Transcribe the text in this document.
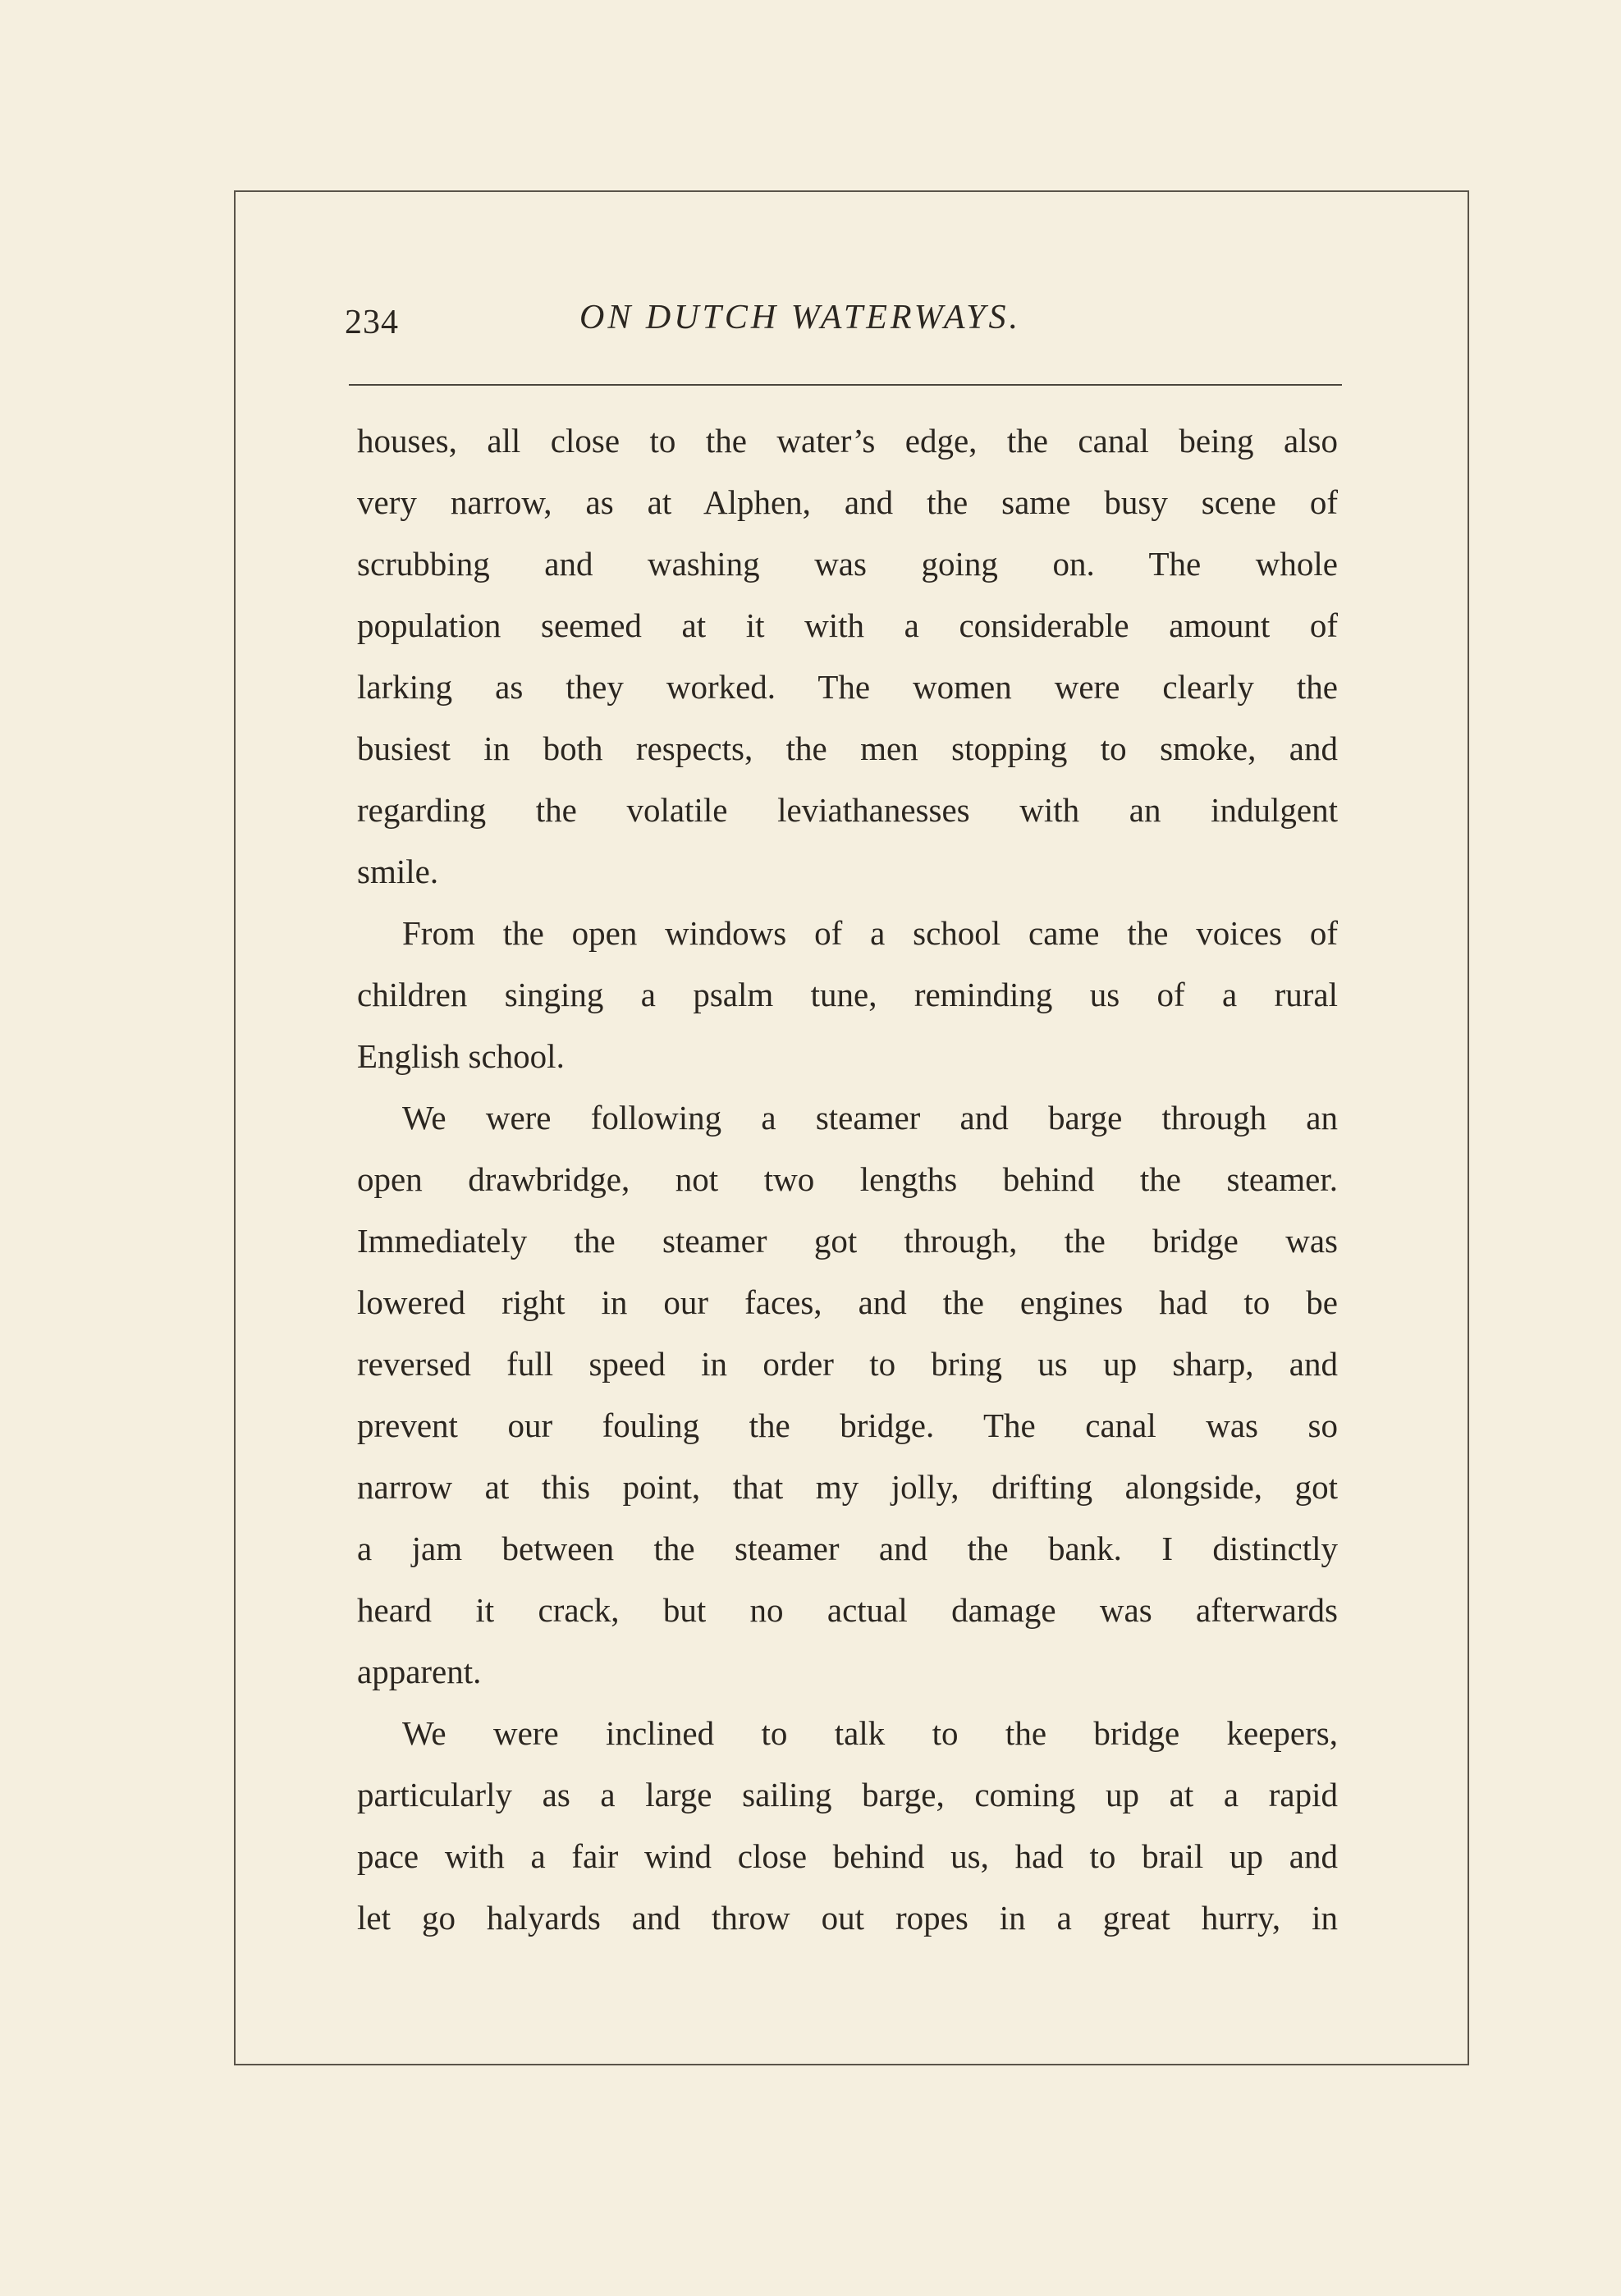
234	ON DUTCH WATERWAYS.
houses, all close to the water’s edge, the canal being also
very narrow, as at Alphen, and the same busy scene of
scrubbing and washing was going on. The whole
population seemed at it with a considerable amount of
larking as they worked. The women were clearly the
busiest in both respects, the men stopping to smoke, and
regarding the volatile leviathanesses with an indulgent
smile.
From the open windows of a school came the voices of
children singing a psalm tune, reminding us of a rural
English school.
We were following a steamer and barge through an
open drawbridge, not two lengths behind the steamer.
Immediately the steamer got through, the bridge was
lowered right in our faces, and the engines had to be
reversed full speed in order to bring us up sharp, and
prevent our fouling the bridge. The canal was so
narrow at this point, that my jolly, drifting alongside, got
a jam between the steamer and the bank. I distinctly
heard it crack, but no actual damage was afterwards
apparent.
We were inclined to talk to the bridge keepers,
particularly as a large sailing barge, coming up at a rapid
pace with a fair wind close behind us, had to brail up and
let go halyards and throw out ropes in a great hurry, in
